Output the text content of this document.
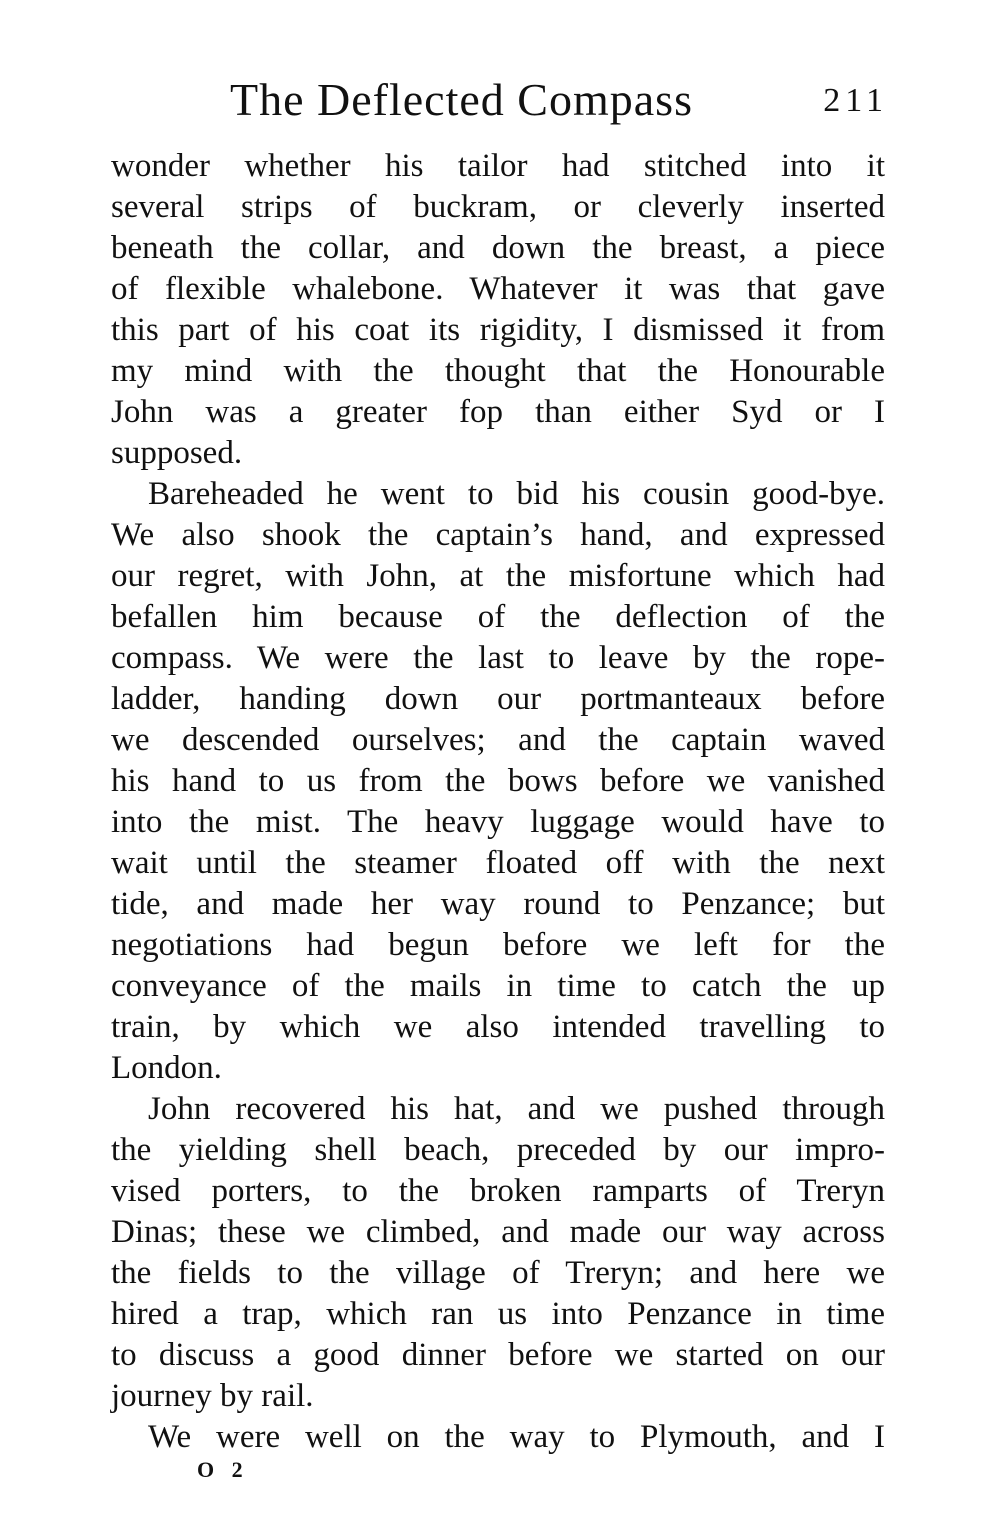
The Deflected Compass	211
wonder whether his tailor had stitched into it
several strips of buckram, or cleverly inserted
beneath the collar, and down the breast, a piece
of flexible whalebone. Whatever it was that gave
this part of his coat its rigidity, I dismissed it from
my mind with the thought that the Honourable
John was a greater fop than either Syd or I
supposed.
Bareheaded he went to bid his cousin good-bye.
We also shook the captain’s hand, and expressed
our regret, with John, at the misfortune which had
befallen him because of the deflection of the
compass. We were the last to leave by the rope-
ladder, handing down our portmanteaux before
we descended ourselves; and the captain waved
his hand to us from the bows before we vanished
into the mist. The heavy luggage would have to
wait until the steamer floated off with the next
tide, and made her way round to Penzance; but
negotiations had begun before we left for the
conveyance of the mails in time to catch the up
train, by which we also intended travelling to
London.
John recovered his hat, and we pushed through
the yielding shell beach, preceded by our impro-
vised porters, to the broken ramparts of Treryn
Dinas; these we climbed, and made our way across
the fields to the village of Treryn; and here we
hired a trap, which ran us into Penzance in time
to discuss a good dinner before we started on our
journey by rail.
We were well on the way to Plymouth, and I
O 2
